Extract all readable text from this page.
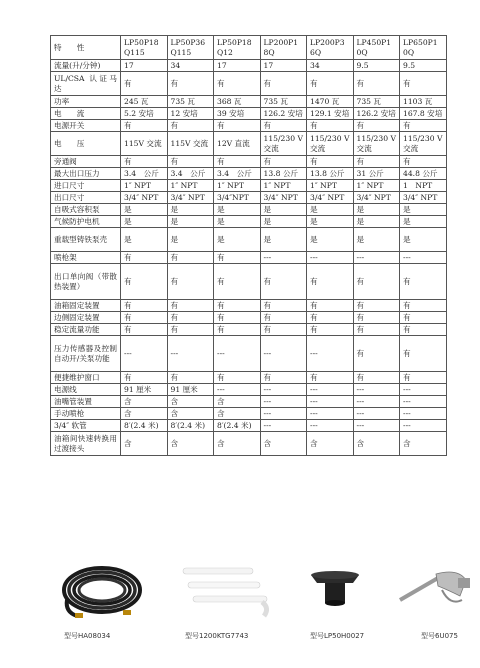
特　　性	LP50P18 Q115	LP50P36 Q115	LP50P18 Q12	LP200P1 8Q	LP200P3 6Q	LP450P1 0Q	LP650P1 0Q
流量(升/分钟)	17	34	17	17	34	9.5	9.5
UL/CSA 认证马达	有	有	有	有	有	有	有
功率	245 瓦	735 瓦	368 瓦	735 瓦	1470 瓦	735 瓦	1103 瓦
电　　流	5.2 安培	12 安培	39 安培	126.2 安培	129.1 安培	126.2 安培	167.8 安培
电源开关	有	有	有	有	有	有	有
电　　压	115V 交流	115V 交流	12V 直流	115/230 V 交流	115/230 V 交流	115/230 V 交流	115/230 V 交流
旁通阀	有	有	有	有	有	有	有
最大出口压力	3.4　公斤	3.4　公斤	3.4　公斤	13.8 公斤	13.8 公斤	31 公斤	44.8 公斤
进口尺寸	1″ NPT	1″ NPT	1″ NPT	1″ NPT	1″ NPT	1″ NPT	1　NPT
出口尺寸	3/4″ NPT	3/4″ NPT	3/4″NPT	3/4″ NPT	3/4″ NPT	3/4″ NPT	3/4″ NPT
自吸式容积泵	是	是	是	是	是	是	是
气候防护电机	是	是	是	是	是	是	是
重载型铸铁泵壳	是	是	是	是	是	是	是
喷枪架	有	有	有	---	---	---	---
出口单向阀（带散热装置）	有	有	有	有	有	有	有
油箱固定装置	有	有	有	有	有	有	有
边侧固定装置	有	有	有	有	有	有	有
稳定流量功能	有	有	有	有	有	有	有
压力传感器及控制自动开/关泵功能	---	---	---	---	---	有	有
便捷维护窗口	有	有	有	有	有	有	有
电源线	91 厘米	91 厘米	---	---	---	---	---
油嘴管装置	含	含	含	---	---	---	---
手动喷枪	含	含	含	---	---	---	---
3/4″ 软管	8′(2.4 米)	8′(2.4 米)	8′(2.4 米)	---	---	---	---
油箱间快速转换用过渡接头	含	含	含	含	含	含	含
型号HA08034	型号1200KTG7743	型号LP50H0027	型号6U075
